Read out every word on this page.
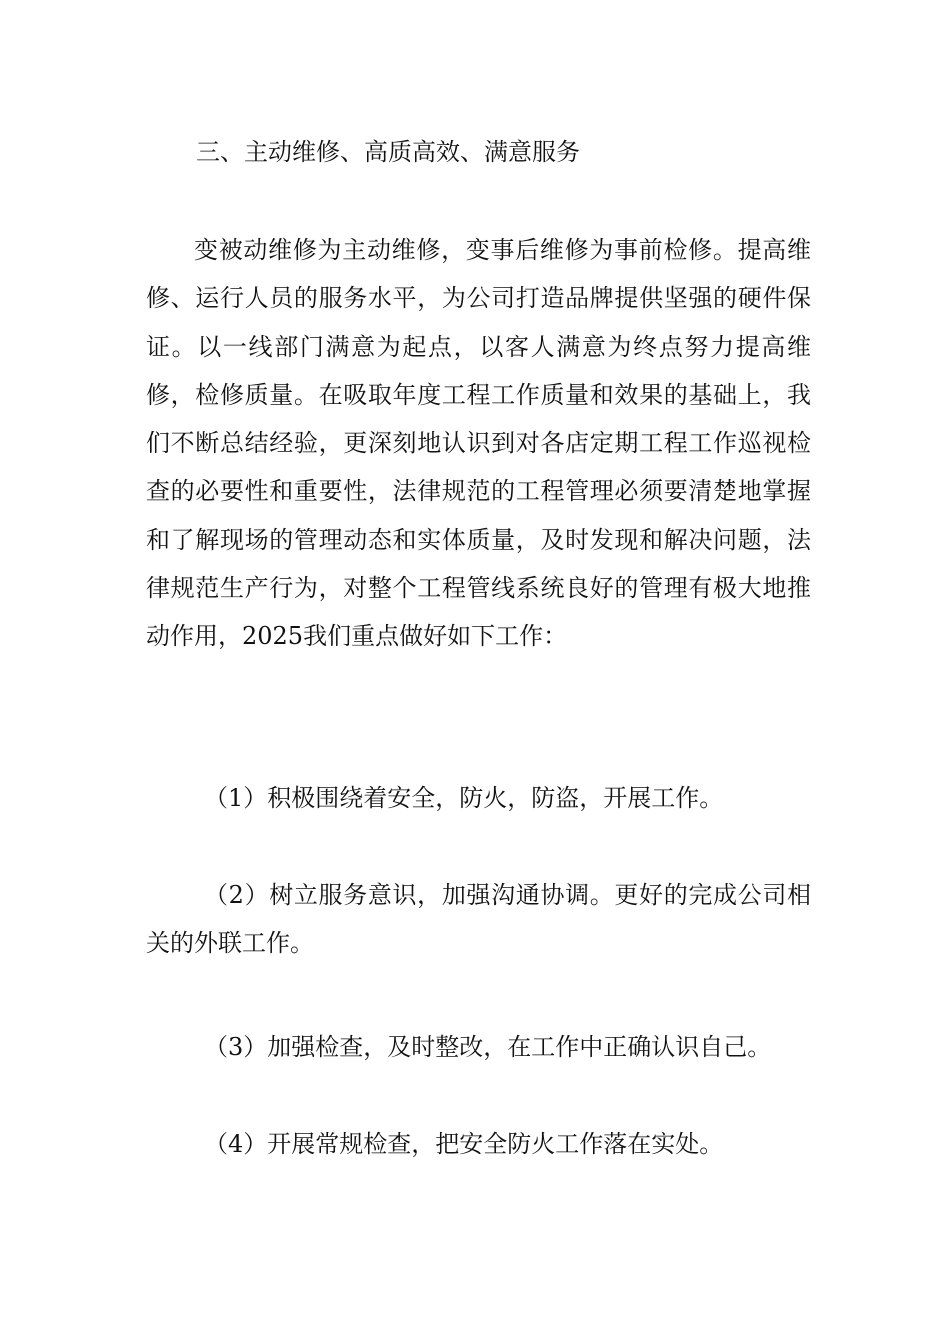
三、主动维修、高质高效、满意服务

变被动维修为主动维修，变事后维修为事前检修。提高维修、运行人员的服务水平，为公司打造品牌提供坚强的硬件保证。以一线部门满意为起点，以客人满意为终点努力提高维修，检修质量。在吸取年度工程工作质量和效果的基础上，我们不断总结经验，更深刻地认识到对各店定期工程工作巡视检查的必要性和重要性，法律规范的工程管理必须要清楚地掌握和了解现场的管理动态和实体质量，及时发现和解决问题，法律规范生产行为，对整个工程管线系统良好的管理有极大地推动作用，2025我们重点做好如下工作：

（1）积极围绕着安全，防火，防盗，开展工作。

（2）树立服务意识，加强沟通协调。更好的完成公司相关的外联工作。

（3）加强检查，及时整改，在工作中正确认识自己。

（4）开展常规检查，把安全防火工作落在实处。
